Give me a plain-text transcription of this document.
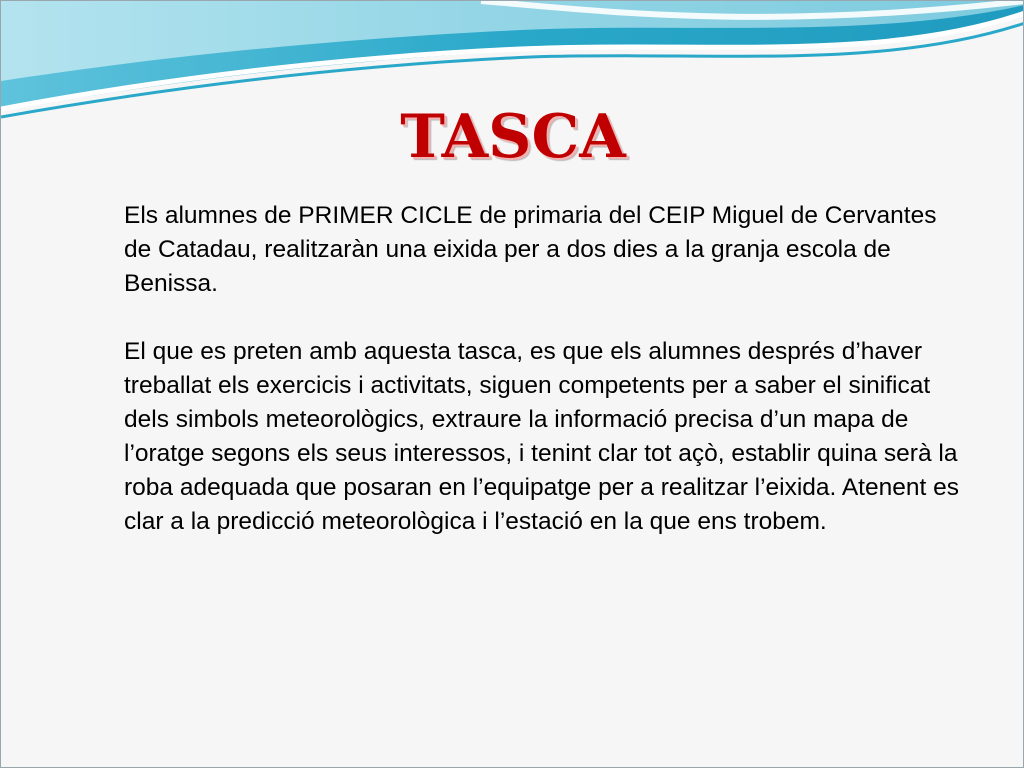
TASCA

Els alumnes de PRIMER CICLE de primaria del CEIP Miguel de Cervantes de Catadau, realitzaràn una eixida per a dos dies a la granja escola de Benissa.

El que es preten amb aquesta tasca, es que els alumnes després d’haver treballat els exercicis i activitats, siguen competents per a saber el sinificat dels simbols meteorològics, extraure la informació precisa d’un mapa de l’oratge segons els seus interessos, i tenint clar tot açò, establir quina serà la roba adequada que posaran en l’equipatge per a realitzar l’eixida. Atenent es clar a la predicció meteorològica i l’estació en la que ens trobem.
